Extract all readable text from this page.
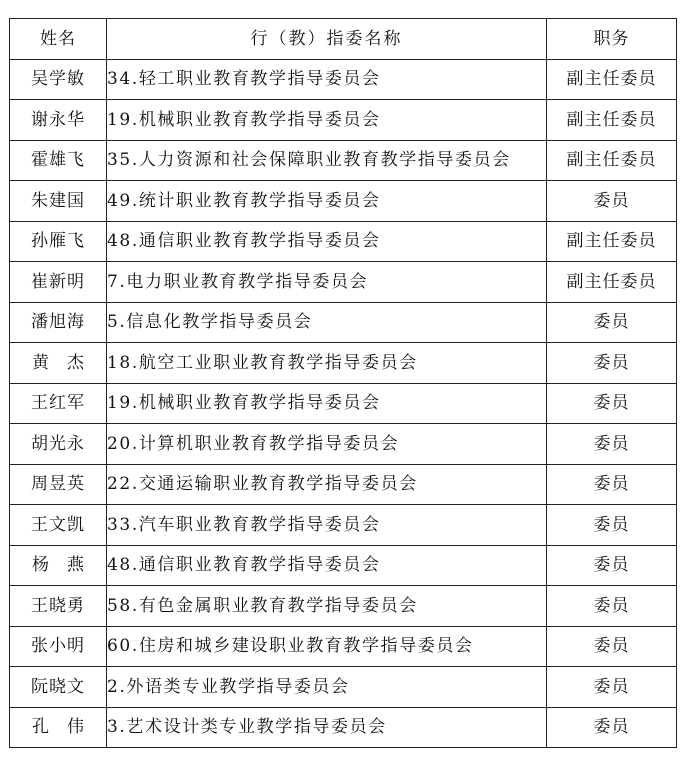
姓名	行（教）指委名称	职务
吴学敏	34.轻工职业教育教学指导委员会	副主任委员
谢永华	19.机械职业教育教学指导委员会	副主任委员
霍雄飞	35.人力资源和社会保障职业教育教学指导委员会	副主任委员
朱建国	49.统计职业教育教学指导委员会	委员
孙雁飞	48.通信职业教育教学指导委员会	副主任委员
崔新明	7.电力职业教育教学指导委员会	副主任委员
潘旭海	5.信息化教学指导委员会	委员
黄杰	18.航空工业职业教育教学指导委员会	委员
王红军	19.机械职业教育教学指导委员会	委员
胡光永	20.计算机职业教育教学指导委员会	委员
周昱英	22.交通运输职业教育教学指导委员会	委员
王文凯	33.汽车职业教育教学指导委员会	委员
杨燕	48.通信职业教育教学指导委员会	委员
王晓勇	58.有色金属职业教育教学指导委员会	委员
张小明	60.住房和城乡建设职业教育教学指导委员会	委员
阮晓文	2.外语类专业教学指导委员会	委员
孔伟	3.艺术设计类专业教学指导委员会	委员
